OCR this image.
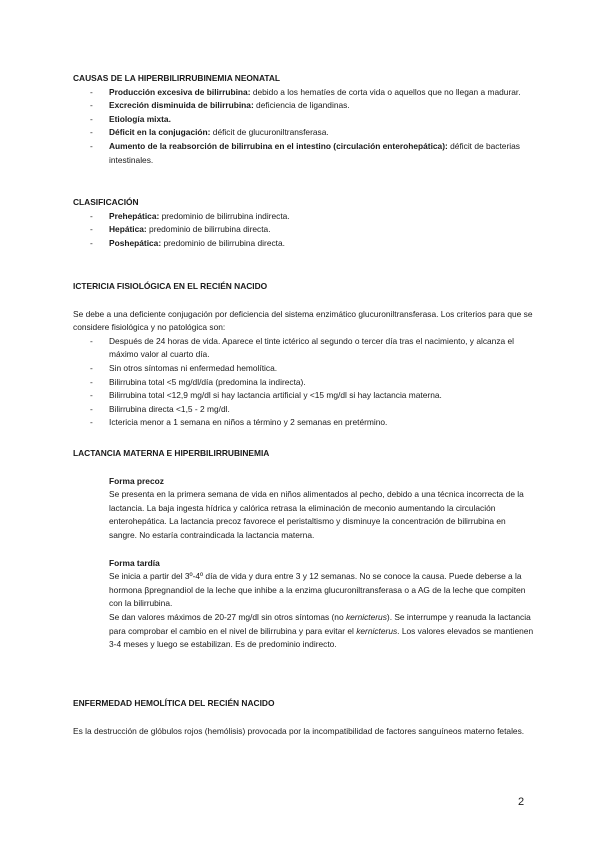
CAUSAS DE LA HIPERBILIRRUBINEMIA NEONATAL
- Producción excesiva de bilirrubina: debido a los hematíes de corta vida o aquellos que no llegan a madurar.
- Excreción disminuida de bilirrubina: deficiencia de ligandinas.
- Etiología mixta.
- Déficit en la conjugación: déficit de glucuroniltransferasa.
- Aumento de la reabsorción de bilirrubina en el intestino (circulación enterohepática): déficit de bacterias intestinales.
CLASIFICACIÓN
- Prehepática: predominio de bilirrubina indirecta.
- Hepática: predominio de bilirrubina directa.
- Poshepática: predominio de bilirrubina directa.
ICTERICIA FISIOLÓGICA EN EL RECIÉN NACIDO

Se debe a una deficiente conjugación por deficiencia del sistema enzimático glucuroniltransferasa. Los criterios para que se considere fisiológica y no patológica son:

- Después de 24 horas de vida. Aparece el tinte ictérico al segundo o tercer día tras el nacimiento, y alcanza el máximo valor al cuarto día.
- Sin otros síntomas ni enfermedad hemolítica.
- Bilirrubina total <5 mg/dl/día (predomina la indirecta).
- Bilirrubina total <12,9 mg/dl si hay lactancia artificial y <15 mg/dl si hay lactancia materna.
- Bilirrubina directa <1,5 - 2 mg/dl.
- Ictericia menor a 1 semana en niños a término y 2 semanas en pretérmino.
LACTANCIA MATERNA E HIPERBILIRRUBINEMIA

Forma precoz

Se presenta en la primera semana de vida en niños alimentados al pecho, debido a una técnica incorrecta de la lactancia. La baja ingesta hídrica y calórica retrasa la eliminación de meconio aumentando la circulación enterohepática. La lactancia precoz favorece el peristaltismo y disminuye la concentración de bilirrubina en sangre. No estaría contraindicada la lactancia materna.

Forma tardía

Se inicia a partir del 3º-4º día de vida y dura entre 3 y 12 semanas. No se conoce la causa. Puede deberse a la hormona βpregnandiol de la leche que inhibe a la enzima glucuroniltransferasa o a AG de la leche que compiten con la bilirrubina.

Se dan valores máximos de 20-27 mg/dl sin otros síntomas (no kernicterus). Se interrumpe y reanuda la lactancia para comprobar el cambio en el nivel de bilirrubina y para evitar el kernicterus. Los valores elevados se mantienen 3-4 meses y luego se estabilizan. Es de predominio indirecto.

ENFERMEDAD HEMOLÍTICA DEL RECIÉN NACIDO

Es la destrucción de glóbulos rojos (hemólisis) provocada por la incompatibilidad de factores sanguíneos materno fetales.

2
